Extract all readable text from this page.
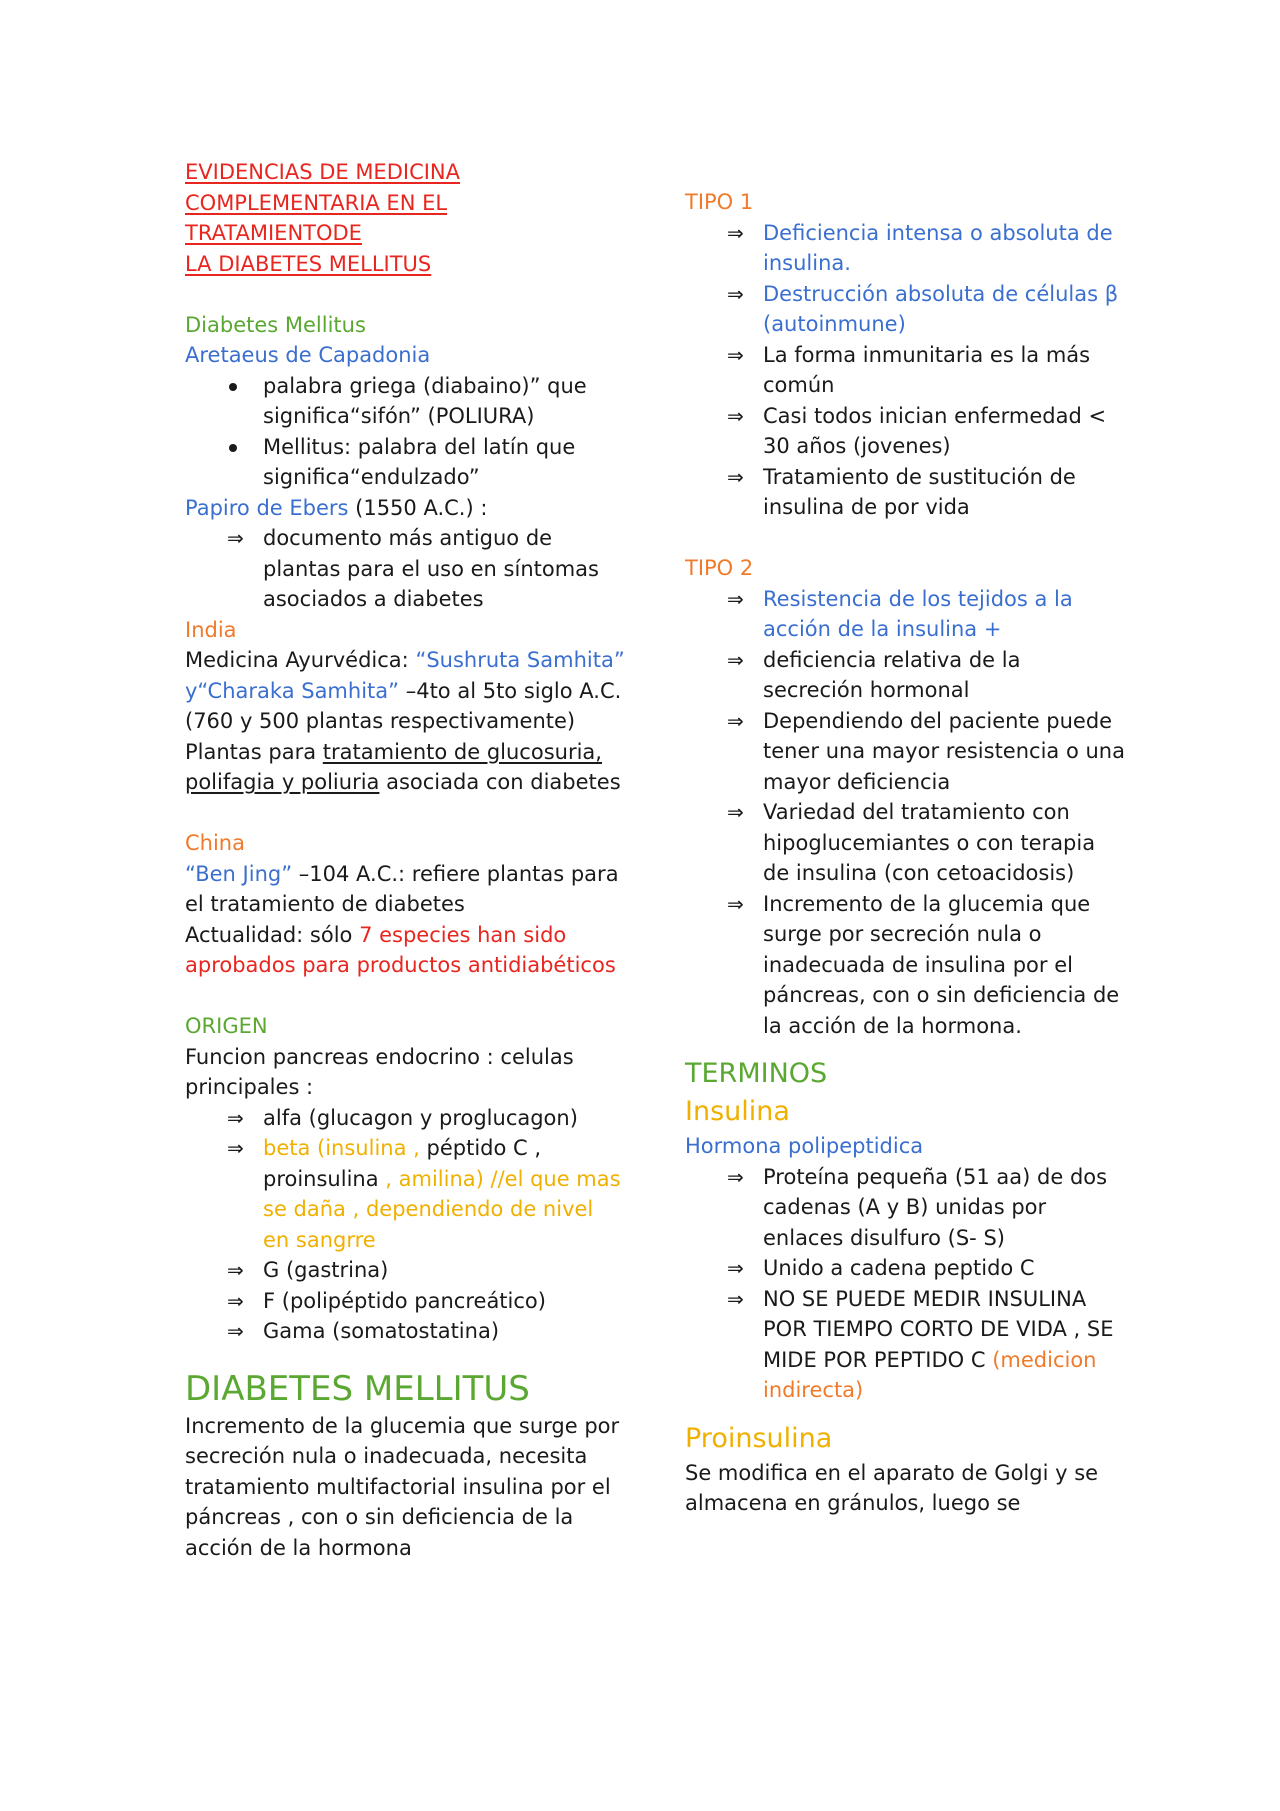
EVIDENCIAS DE MEDICINA
COMPLEMENTARIA EN EL
TRATAMIENTODE
LA DIABETES MELLITUS
Diabetes Mellitus
Aretaeus de Capadonia
palabra griega (diabaino)” que significa“sifón” (POLIURA)
Mellitus: palabra del latín que significa“endulzado”
Papiro de Ebers (1550 A.C.) :
⇒ documento más antiguo de plantas para el uso en síntomas asociados a diabetes
India
Medicina Ayurvédica: “Sushruta Samhita” y“Charaka Samhita” –4to al 5to siglo A.C. (760 y 500 plantas respectivamente)
Plantas para tratamiento de glucosuria, polifagia y poliuria asociada con diabetes
China
“Ben Jing” –104 A.C.: refiere plantas para el tratamiento de diabetes
Actualidad: sólo 7 especies han sido aprobados para productos antidiabéticos
ORIGEN
Funcion pancreas endocrino : celulas principales :
⇒ alfa (glucagon y proglucagon)
⇒ beta (insulina , péptido C , proinsulina , amilina) //el que mas se daña , dependiendo de nivel en sangrre
⇒ G (gastrina)
⇒ F (polipéptido pancreático)
⇒ Gama (somatostatina)
DIABETES MELLITUS
Incremento de la glucemia que surge por secreción nula o inadecuada, necesita tratamiento multifactorial insulina por el páncreas , con o sin deficiencia de la acción de la hormona
TIPO 1
⇒ Deficiencia intensa o absoluta de insulina.
⇒ Destrucción absoluta de células β (autoinmune)
⇒ La forma inmunitaria es la más común
⇒ Casi todos inician enfermedad < 30 años (jovenes)
⇒ Tratamiento de sustitución de insulina de por vida
TIPO 2
⇒ Resistencia de los tejidos a la acción de la insulina +
⇒ deficiencia relativa de la secreción hormonal
⇒ Dependiendo del paciente puede tener una mayor resistencia o una mayor deficiencia
⇒ Variedad del tratamiento con hipoglucemiantes o con terapia de insulina (con cetoacidosis)
⇒ Incremento de la glucemia que surge por secreción nula o inadecuada de insulina por el páncreas, con o sin deficiencia de la acción de la hormona.
TERMINOS
Insulina
Hormona polipeptidica
⇒ Proteína pequeña (51 aa) de dos cadenas (A y B) unidas por enlaces disulfuro (S- S)
⇒ Unido a cadena peptido C
⇒ NO SE PUEDE MEDIR INSULINA POR TIEMPO CORTO DE VIDA , SE MIDE POR PEPTIDO C (medicion indirecta)
Proinsulina
Se modifica en el aparato de Golgi y se almacena en gránulos, luego se
